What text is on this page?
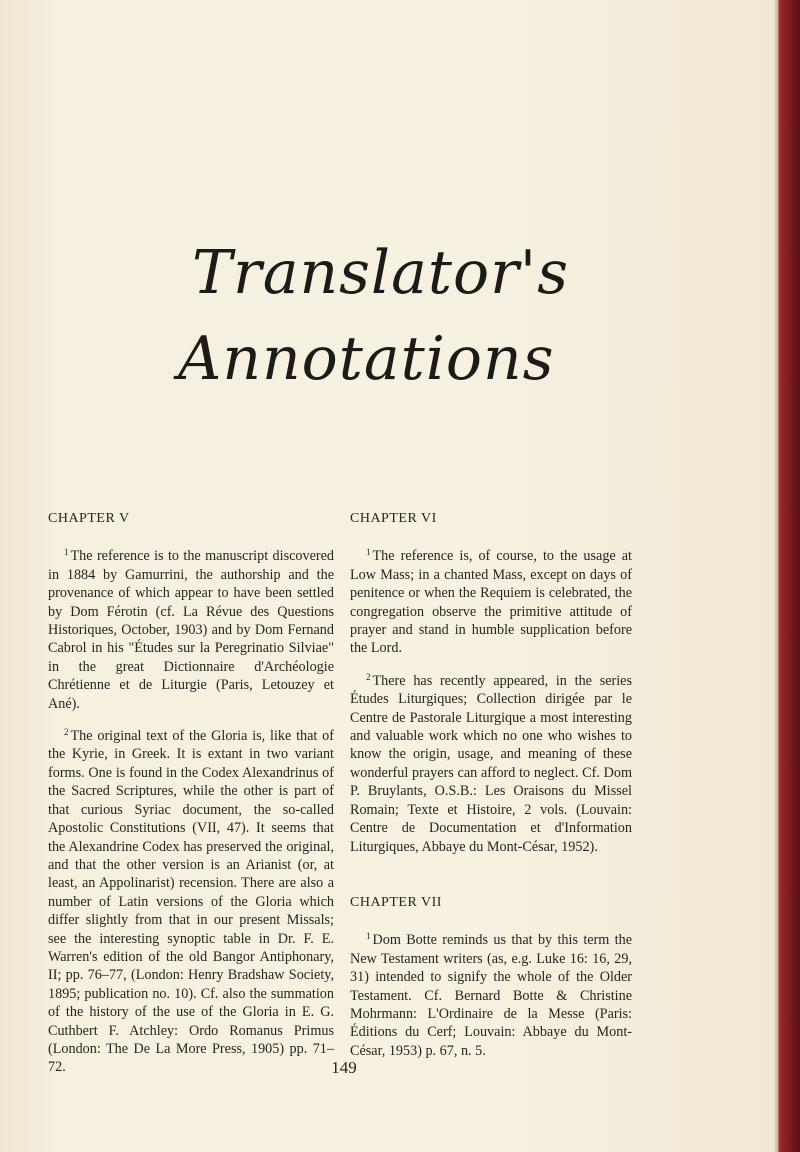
Translator's
Annotations
CHAPTER V

$^1$ The reference is to the manuscript discovered in 1884 by Gamurrini, the authorship and the provenance of which appear to have been settled by Dom Férotin (cf. La Révue des Questions Historiques, October, 1903) and by Dom Fernand Cabrol in his "Études sur la Peregrinatio Silviae" in the great Dictionnaire d'Archéologie Chrétienne et de Liturgie (Paris, Letouzey et Ané).

$^2$ The original text of the Gloria is, like that of the Kyrie, in Greek. It is extant in two variant forms. One is found in the Codex Alexandrinus of the Sacred Scriptures, while the other is part of that curious Syriac document, the so-called Apostolic Constitutions (VII, 47). It seems that the Alexandrine Codex has preserved the original, and that the other version is an Arianist (or, at least, an Appolinarist) recension. There are also a number of Latin versions of the Gloria which differ slightly from that in our present Missals; see the interesting synoptic table in Dr. F. E. Warren's edition of the old Bangor Antiphonary, II; pp. 76–77, (London: Henry Bradshaw Society, 1895; publication no. 10). Cf. also the summation of the history of the use of the Gloria in E. G. Cuthbert F. Atchley: Ordo Romanus Primus (London: The De La More Press, 1905) pp. 71–72.

CHAPTER VI

$^1$ The reference is, of course, to the usage at Low Mass; in a chanted Mass, except on days of penitence or when the Requiem is celebrated, the congregation observe the primitive attitude of prayer and stand in humble supplication before the Lord.

$^2$ There has recently appeared, in the series Études Liturgiques; Collection dirigée par le Centre de Pastorale Liturgique a most interesting and valuable work which no one who wishes to know the origin, usage, and meaning of these wonderful prayers can afford to neglect. Cf. Dom P. Bruylants, O.S.B.: Les Oraisons du Missel Romain; Texte et Histoire, 2 vols. (Louvain: Centre de Documentation et d'Information Liturgiques, Abbaye du Mont-César, 1952).

CHAPTER VII

$^1$ Dom Botte reminds us that by this term the New Testament writers (as, e.g. Luke 16: 16, 29, 31) intended to signify the whole of the Older Testament. Cf. Bernard Botte & Christine Mohrmann: L'Ordinaire de la Messe (Paris: Éditions du Cerf; Louvain: Abbaye du Mont-César, 1953) p. 67, n. 5.

149
